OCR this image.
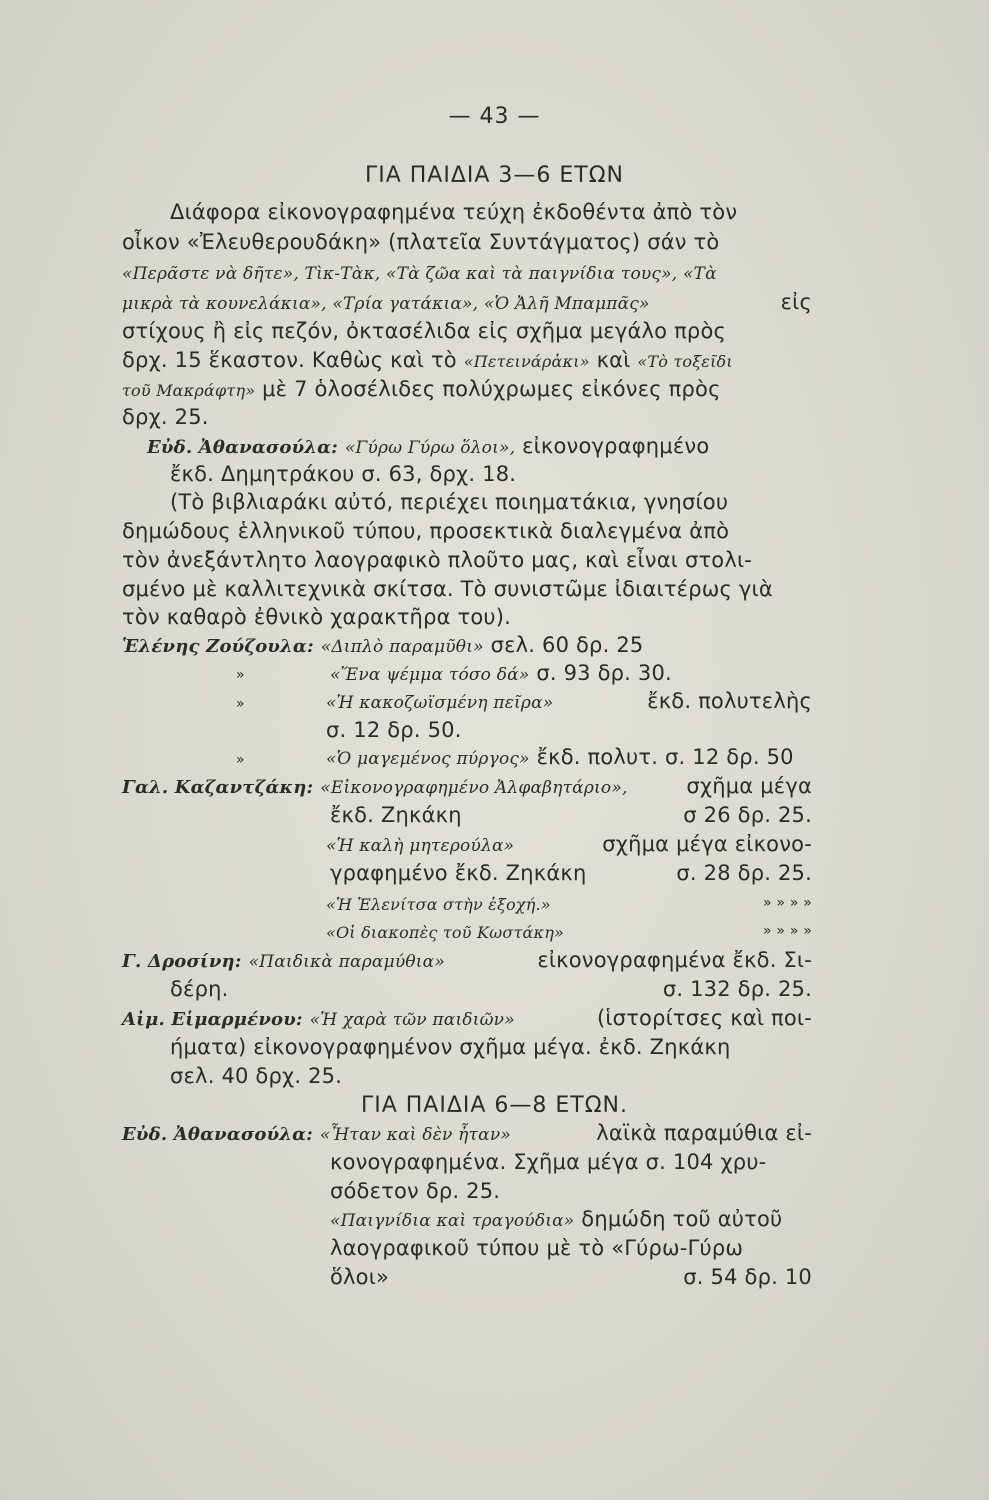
— 43 —
ΓΙΑ ΠΑΙΔΙΑ 3—6 ΕΤΩΝ
Διάφορα εἰκονογραφημένα τεύχη ἐκδοθέντα ἀπὸ τὸν
οἶκον «Ἐλευθερουδάκη» (πλατεῖα Συντάγματος) σάν τὸ
«Περᾶστε νὰ δῆτε», Τὶκ-Τὰκ, «Τὰ ζῶα καὶ τὰ παιγνίδια τους», «Τὰ
μικρὰ τὰ κουνελάκια», «Τρία γατάκια», «Ὁ Ἀλῆ Μπαμπᾶς»	εἰς
στίχους ἢ εἰς πεζόν, ὀκτασέλιδα εἰς σχῆμα μεγάλο πρὸς
δρχ. 15 ἕκαστον. Καθὼς καὶ τὸ «Πετεινάρἀκι» καὶ «Τὸ τοξεῖδι
τοῦ Μακράφτη» μὲ 7 ὁλοσέλιδες πολύχρωμες εἰκόνες πρὸς
δρχ. 25.
Εὐδ. Ἀθανασούλα: «Γύρω Γύρω ὅλοι», εἰκονογραφημένο
ἔκδ. Δημητράκου σ. 63, δρχ. 18.
(Τὸ βιβλιαράκι αὐτό, περιέχει ποιηματάκια, γνησίου
δημώδους ἑλληνικοῦ τύπου, προσεκτικὰ διαλεγμένα ἀπὸ
τὸν ἀνεξάντλητο λαογραφικὸ πλοῦτο μας, καὶ εἶναι στολι-
σμένο μὲ καλλιτεχνικὰ σκίτσα. Τὸ συνιστῶμε ἰδιαιτέρως γιὰ
τὸν καθαρὸ ἐθνικὸ χαρακτῆρα του).
Ἑλένης Ζούζουλα: «Διπλὸ παραμῦθι» σελ. 60 δρ. 25
»	«Ἕνα ψέμμα τόσο δά» σ. 93 δρ. 30.
»	«Ἡ κακοζωϊσμένη πεῖρα»	ἔκδ. πολυτελὴς
σ. 12 δρ. 50.
»	«Ὁ μαγεμένος πύργος» ἔκδ. πολυτ. σ. 12 δρ. 50
Γαλ. Καζαντζάκη: «Εἰκονογραφημένο Ἀλφαβητάριο»,	σχῆμα μέγα
ἔκδ. Ζηκάκη	σ 26 δρ. 25.
«Ἡ καλὴ μητερούλα»	σχῆμα μέγα εἰκονο-
γραφημένο ἔκδ. Ζηκάκη	σ. 28 δρ. 25.
«Ἡ Ἑλενίτσα στὴν ἐξοχή.»	» » » »
«Οἱ διακοπὲς τοῦ Κωστάκη»	» » » »
Γ. Δροσίνη: «Παιδικὰ παραμύθια»	εἰκονογραφημένα ἔκδ. Σι-
δέρη.	σ. 132 δρ. 25.
Αἰμ. Εἱμαρμένου: «Ἡ χαρὰ τῶν παιδιῶν»	(ἱστορίτσες καὶ ποι-
ήματα) εἰκονογραφημένον σχῆμα μέγα. ἐκδ. Ζηκάκη
σελ. 40 δρχ. 25.
ΓΙΑ ΠΑΙΔΙΑ 6—8 ΕΤΩΝ.
Εὐδ. Ἀθανασούλα: «Ἦταν καὶ δὲν ἦταν»	λαϊκὰ παραμύθια εἰ-
κονογραφημένα. Σχῆμα μέγα σ. 104 χρυ-
σόδετον δρ. 25.
«Παιγνίδια καὶ τραγούδια» δημώδη τοῦ αὐτοῦ
λαογραφικοῦ τύπου μὲ τὸ «Γύρω-Γύρω
ὅλοι»	σ. 54 δρ. 10
